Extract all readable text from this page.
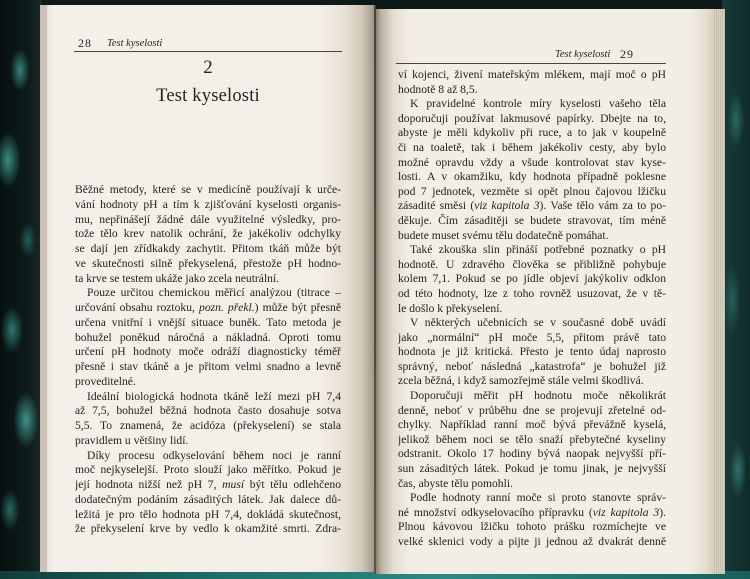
28 Test kyselosti
2
Test kyselosti
Běžné metody, které se v medicíně používají k urče-
vání hodnoty pH a tím k zjišťování kyselosti organis-
mu, nepřinášejí žádné dále využitelné výsledky, pro-
tože tělo krev natolik ochrání, že jakékoliv odchylky
se dají jen zřídkakdy zachytit. Přitom tkáň může být
ve skutečnosti silně překyselená, přestože pH hodno-
ta krve se testem ukáže jako zcela neutrální.
Pouze určitou chemickou měřicí analýzou (titrace –
určování obsahu roztoku, pozn. překl.) může být přesně
určena vnitřní i vnější situace buněk. Tato metoda je
bohužel poněkud náročná a nákladná. Oproti tomu
určení pH hodnoty moče odráží diagnosticky téměř
přesně i stav tkáně a je přitom velmi snadno a levně
proveditelné.
Ideální biologická hodnota tkáně leží mezi pH 7,4
až 7,5, bohužel běžná hodnota často dosahuje sotva
5,5. To znamená, že acidóza (překyselení) se stala
pravidlem u většiny lidí.
Díky procesu odkyselování během noci je ranní
moč nejkyselejší. Proto slouží jako měřítko. Pokud je
její hodnota nižší než pH 7, musí být tělu odlehčeno
dodatečným podáním zásaditých látek. Jak dalece dů-
ležitá je pro tělo hodnota pH 7,4, dokládá skutečnost,
že překyselení krve by vedlo k okamžité smrti. Zdra-
Test kyselosti 29
ví kojenci, živení mateřským mlékem, mají moč o pH
hodnotě 8 až 8,5.
K pravidelné kontrole míry kyselosti vašeho těla
doporučuji používat lakmusové papírky. Dbejte na to,
abyste je měli kdykoliv při ruce, a to jak v koupelně
či na toaletě, tak i během jakékoliv cesty, aby bylo
možné opravdu vždy a všude kontrolovat stav kyse-
losti. A v okamžiku, kdy hodnota případně poklesne
pod 7 jednotek, vezměte si opět plnou čajovou lžičku
zásadité směsi (viz kapitola 3). Vaše tělo vám za to po-
děkuje. Čím zásaditěji se budete stravovat, tím méně
budete muset svému tělu dodatečně pomáhat.
Také zkouška slin přináší potřebné poznatky o pH
hodnotě. U zdravého člověka se přibližně pohybuje
kolem 7,1. Pokud se po jídle objeví jakýkoliv odklon
od této hodnoty, lze z toho rovněž usuzovat, že v tě-
le došlo k překyselení.
V některých učebnicích se v současné době uvádí
jako „normální“ pH moče 5,5, přitom právě tato
hodnota je již kritická. Přesto je tento údaj naprosto
správný, neboť následná „katastrofa“ je bohužel již
zcela běžná, i když samozřejmě stále velmi škodlivá.
Doporučuji měřit pH hodnotu moče několikrát
denně, neboť v průběhu dne se projevují zřetelné od-
chylky. Například ranní moč bývá převážně kyselá,
jelikož během noci se tělo snaží přebytečné kyseliny
odstranit. Okolo 17 hodiny bývá naopak nejvyšší pří-
sun zásaditých látek. Pokud je tomu jinak, je nejvyšší
čas, abyste tělu pomohli.
Podle hodnoty ranní moče si proto stanovte správ-
né množství odkyselovacího přípravku (viz kapitola 3).
Plnou kávovou lžičku tohoto prášku rozmíchejte ve
velké sklenici vody a pijte ji jednou až dvakrát denně
